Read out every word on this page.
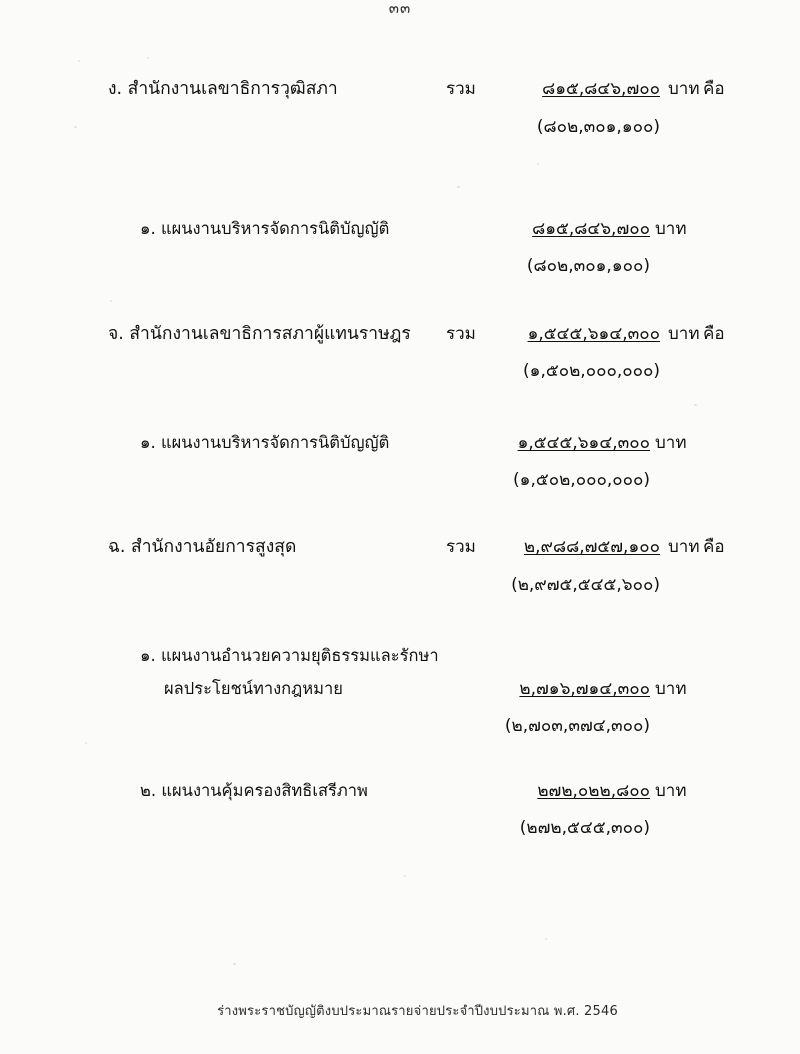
๓๓
ง. สำนักงานเลขาธิการวุฒิสภา	รวม	๘๑๕,๘๔๖,๗๐๐ บาท คือ
(๘๐๒,๓๐๑,๑๐๐)
๑. แผนงานบริหารจัดการนิติบัญญัติ	๘๑๕,๘๔๖,๗๐๐ บาท
(๘๐๒,๓๐๑,๑๐๐)
จ. สำนักงานเลขาธิการสภาผู้แทนราษฎร รวม	๑,๕๔๕,๖๑๔,๓๐๐ บาท คือ
(๑,๕๐๒,๐๐๐,๐๐๐)
๑. แผนงานบริหารจัดการนิติบัญญัติ	๑,๕๔๕,๖๑๔,๓๐๐ บาท
(๑,๕๐๒,๐๐๐,๐๐๐)
ฉ. สำนักงานอัยการสูงสุด	รวม	๒,๙๘๘,๗๕๗,๑๐๐ บาท คือ
(๒,๙๗๕,๕๔๕,๖๐๐)
๑. แผนงานอำนวยความยุติธรรมและรักษา
ผลประโยชน์ทางกฎหมาย	๒,๗๑๖,๗๑๔,๓๐๐ บาท
(๒,๗๐๓,๓๗๔,๓๐๐)
๒. แผนงานคุ้มครองสิทธิเสรีภาพ	๒๗๒,๐๒๒,๘๐๐ บาท
(๒๗๒,๕๔๕,๓๐๐)
ร่างพระราชบัญญัติงบประมาณรายจ่ายประจำปีงบประมาณ พ.ศ. 2546
